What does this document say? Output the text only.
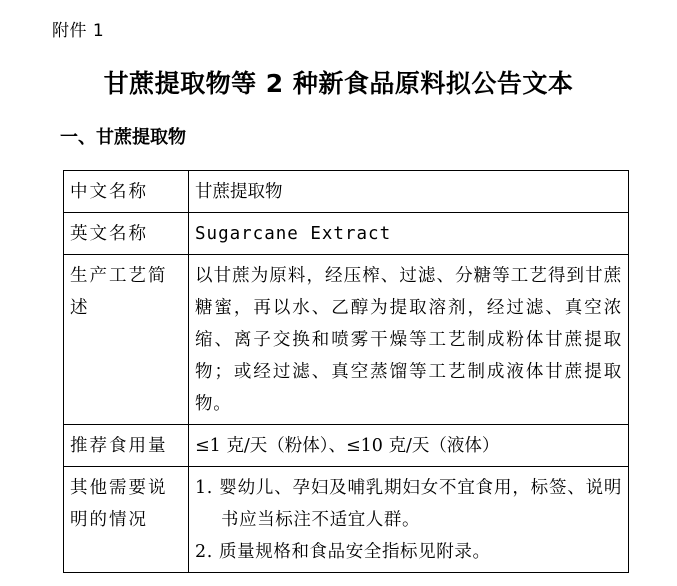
附件 1
甘蔗提取物等 2 种新食品原料拟公告文本
一、甘蔗提取物
中文名称	甘蔗提取物
英文名称	Sugarcane Extract
生产工艺简述	以甘蔗为原料，经压榨、过滤、分糖等工艺得到甘蔗糖蜜，再以水、乙醇为提取溶剂，经过滤、真空浓缩、离子交换和喷雾干燥等工艺制成粉体甘蔗提取物；或经过滤、真空蒸馏等工艺制成液体甘蔗提取物。
推荐食用量	≤1 克/天（粉体）、≤10 克/天（液体）
其他需要说明的情况	1. 婴幼儿、孕妇及哺乳期妇女不宜食用，标签、说明书应当标注不适宜人群。
2. 质量规格和食品安全指标见附录。
